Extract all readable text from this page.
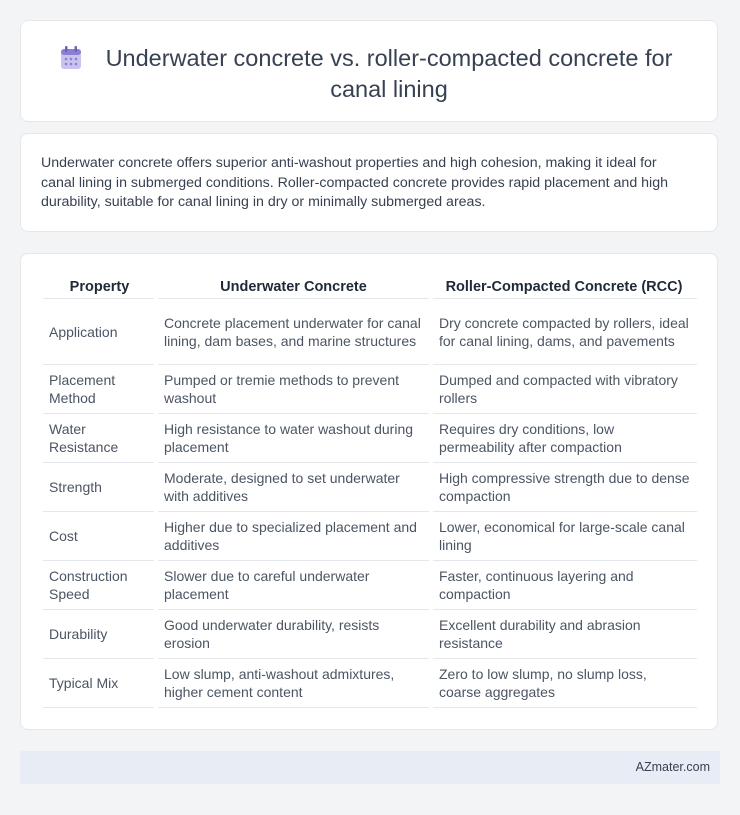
Underwater concrete vs. roller-compacted concrete for canal lining
Underwater concrete offers superior anti-washout properties and high cohesion, making it ideal for canal lining in submerged conditions. Roller-compacted concrete provides rapid placement and high durability, suitable for canal lining in dry or minimally submerged areas.
Property	Underwater Concrete	Roller-Compacted Concrete (RCC)
Application	Concrete placement underwater for canal lining, dam bases, and marine structures	Dry concrete compacted by rollers, ideal for canal lining, dams, and pavements
Placement Method	Pumped or tremie methods to prevent washout	Dumped and compacted with vibratory rollers
Water Resistance	High resistance to water washout during placement	Requires dry conditions, low permeability after compaction
Strength	Moderate, designed to set underwater with additives	High compressive strength due to dense compaction
Cost	Higher due to specialized placement and additives	Lower, economical for large-scale canal lining
Construction Speed	Slower due to careful underwater placement	Faster, continuous layering and compaction
Durability	Good underwater durability, resists erosion	Excellent durability and abrasion resistance
Typical Mix	Low slump, anti-washout admixtures, higher cement content	Zero to low slump, no slump loss, coarse aggregates
AZmater.com
